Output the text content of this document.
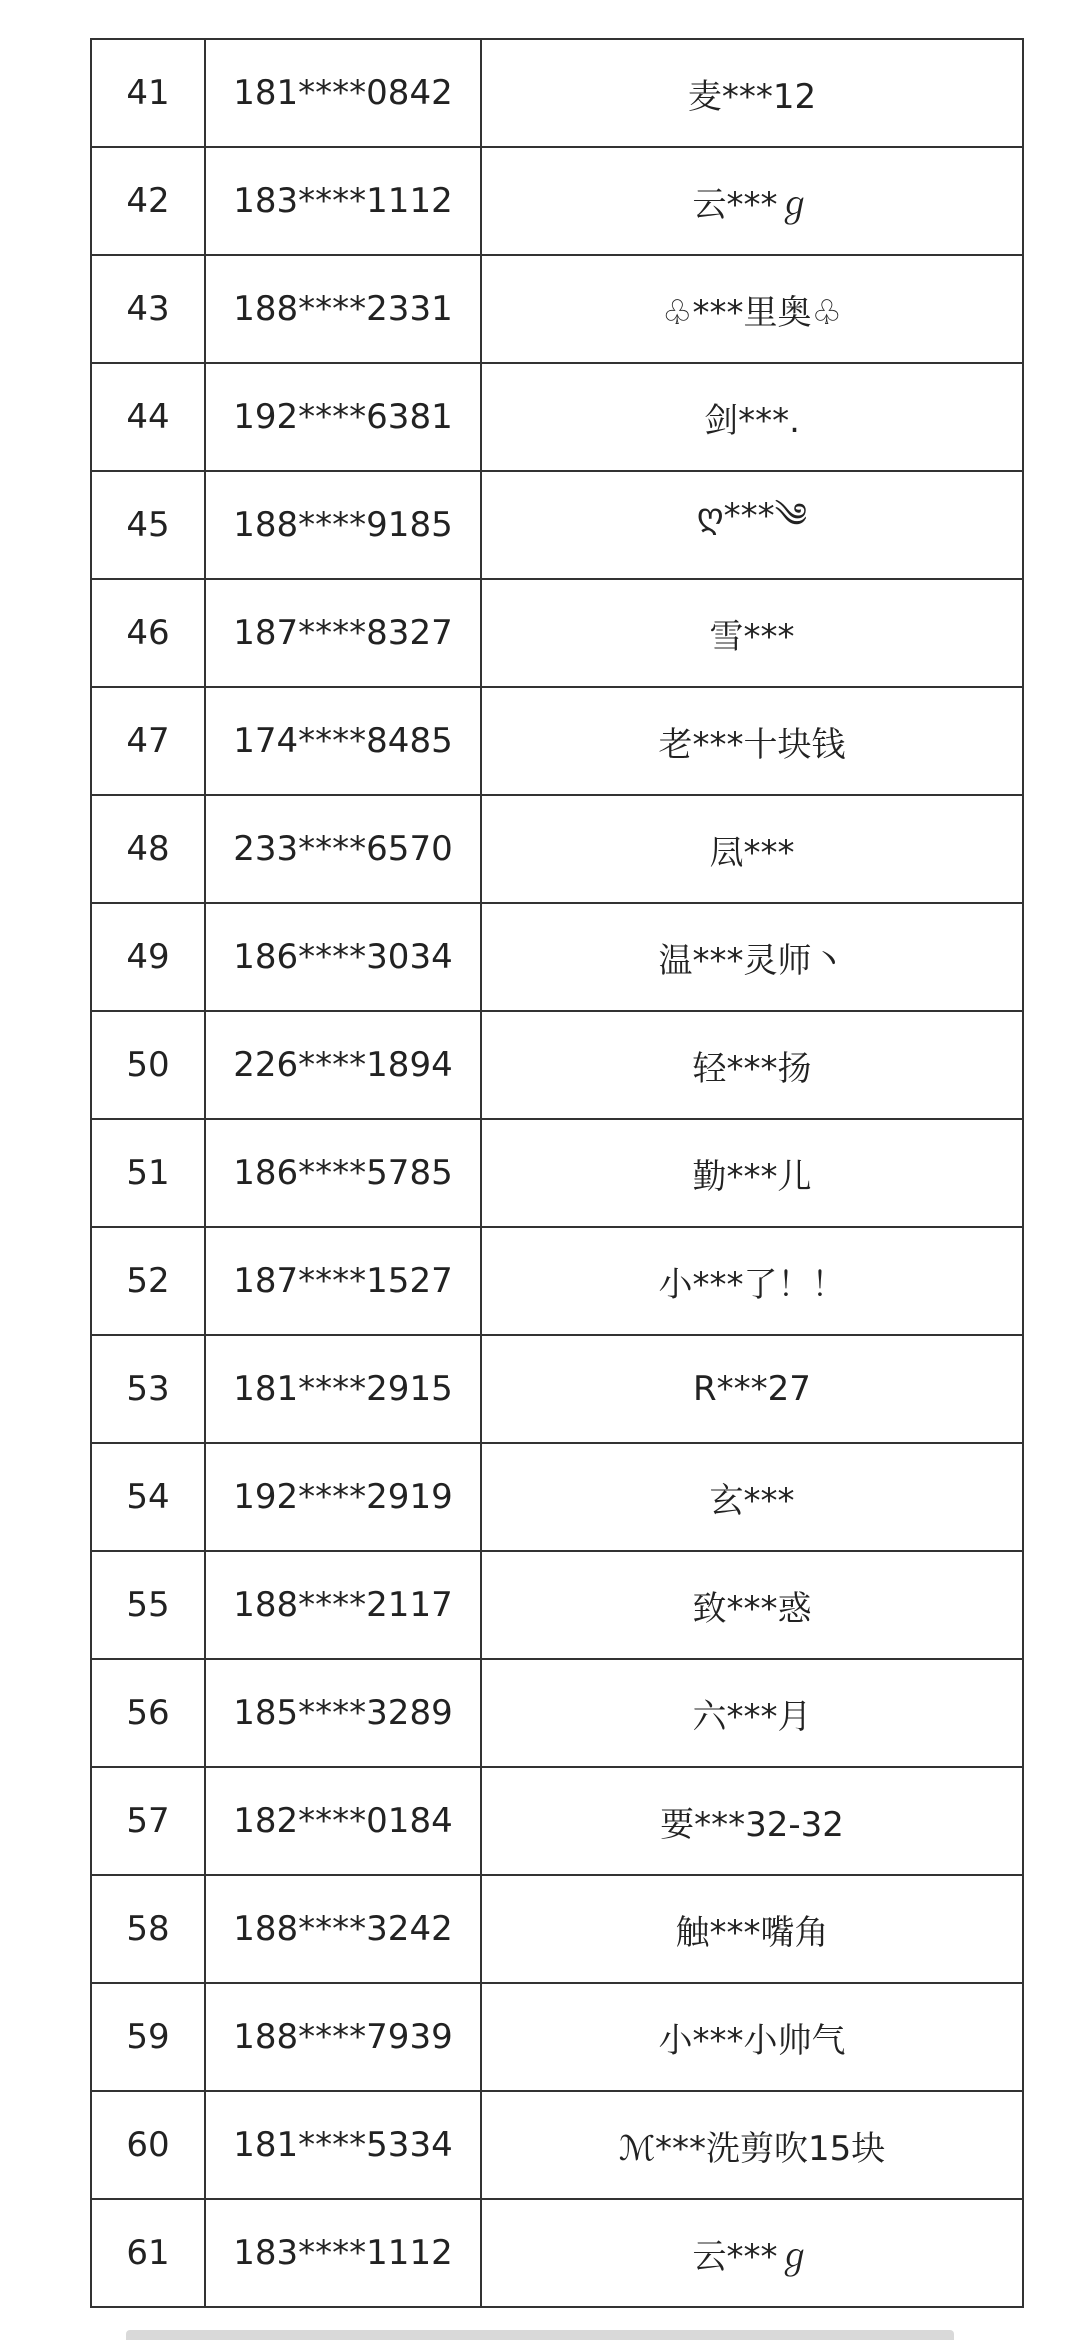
41	181****0842	麦***12
42	183****1112	云***ℊ
43	188****2331	♧***里奥♧
44	192****6381	剑***.
45	188****9185	ღ***༄
46	187****8327	雪***
47	174****8485	老***十块钱
48	233****6570	凨***
49	186****3034	温***灵师丶
50	226****1894	轻***扬
51	186****5785	勤***儿
52	187****1527	小***了！！
53	181****2915	R***27
54	192****2919	玄***
55	188****2117	致***惑
56	185****3289	六***月
57	182****0184	要***32-32
58	188****3242	触***嘴角
59	188****7939	小***小帅气
60	181****5334	ℳ***洗剪吹15块
61	183****1112	云***ℊ
